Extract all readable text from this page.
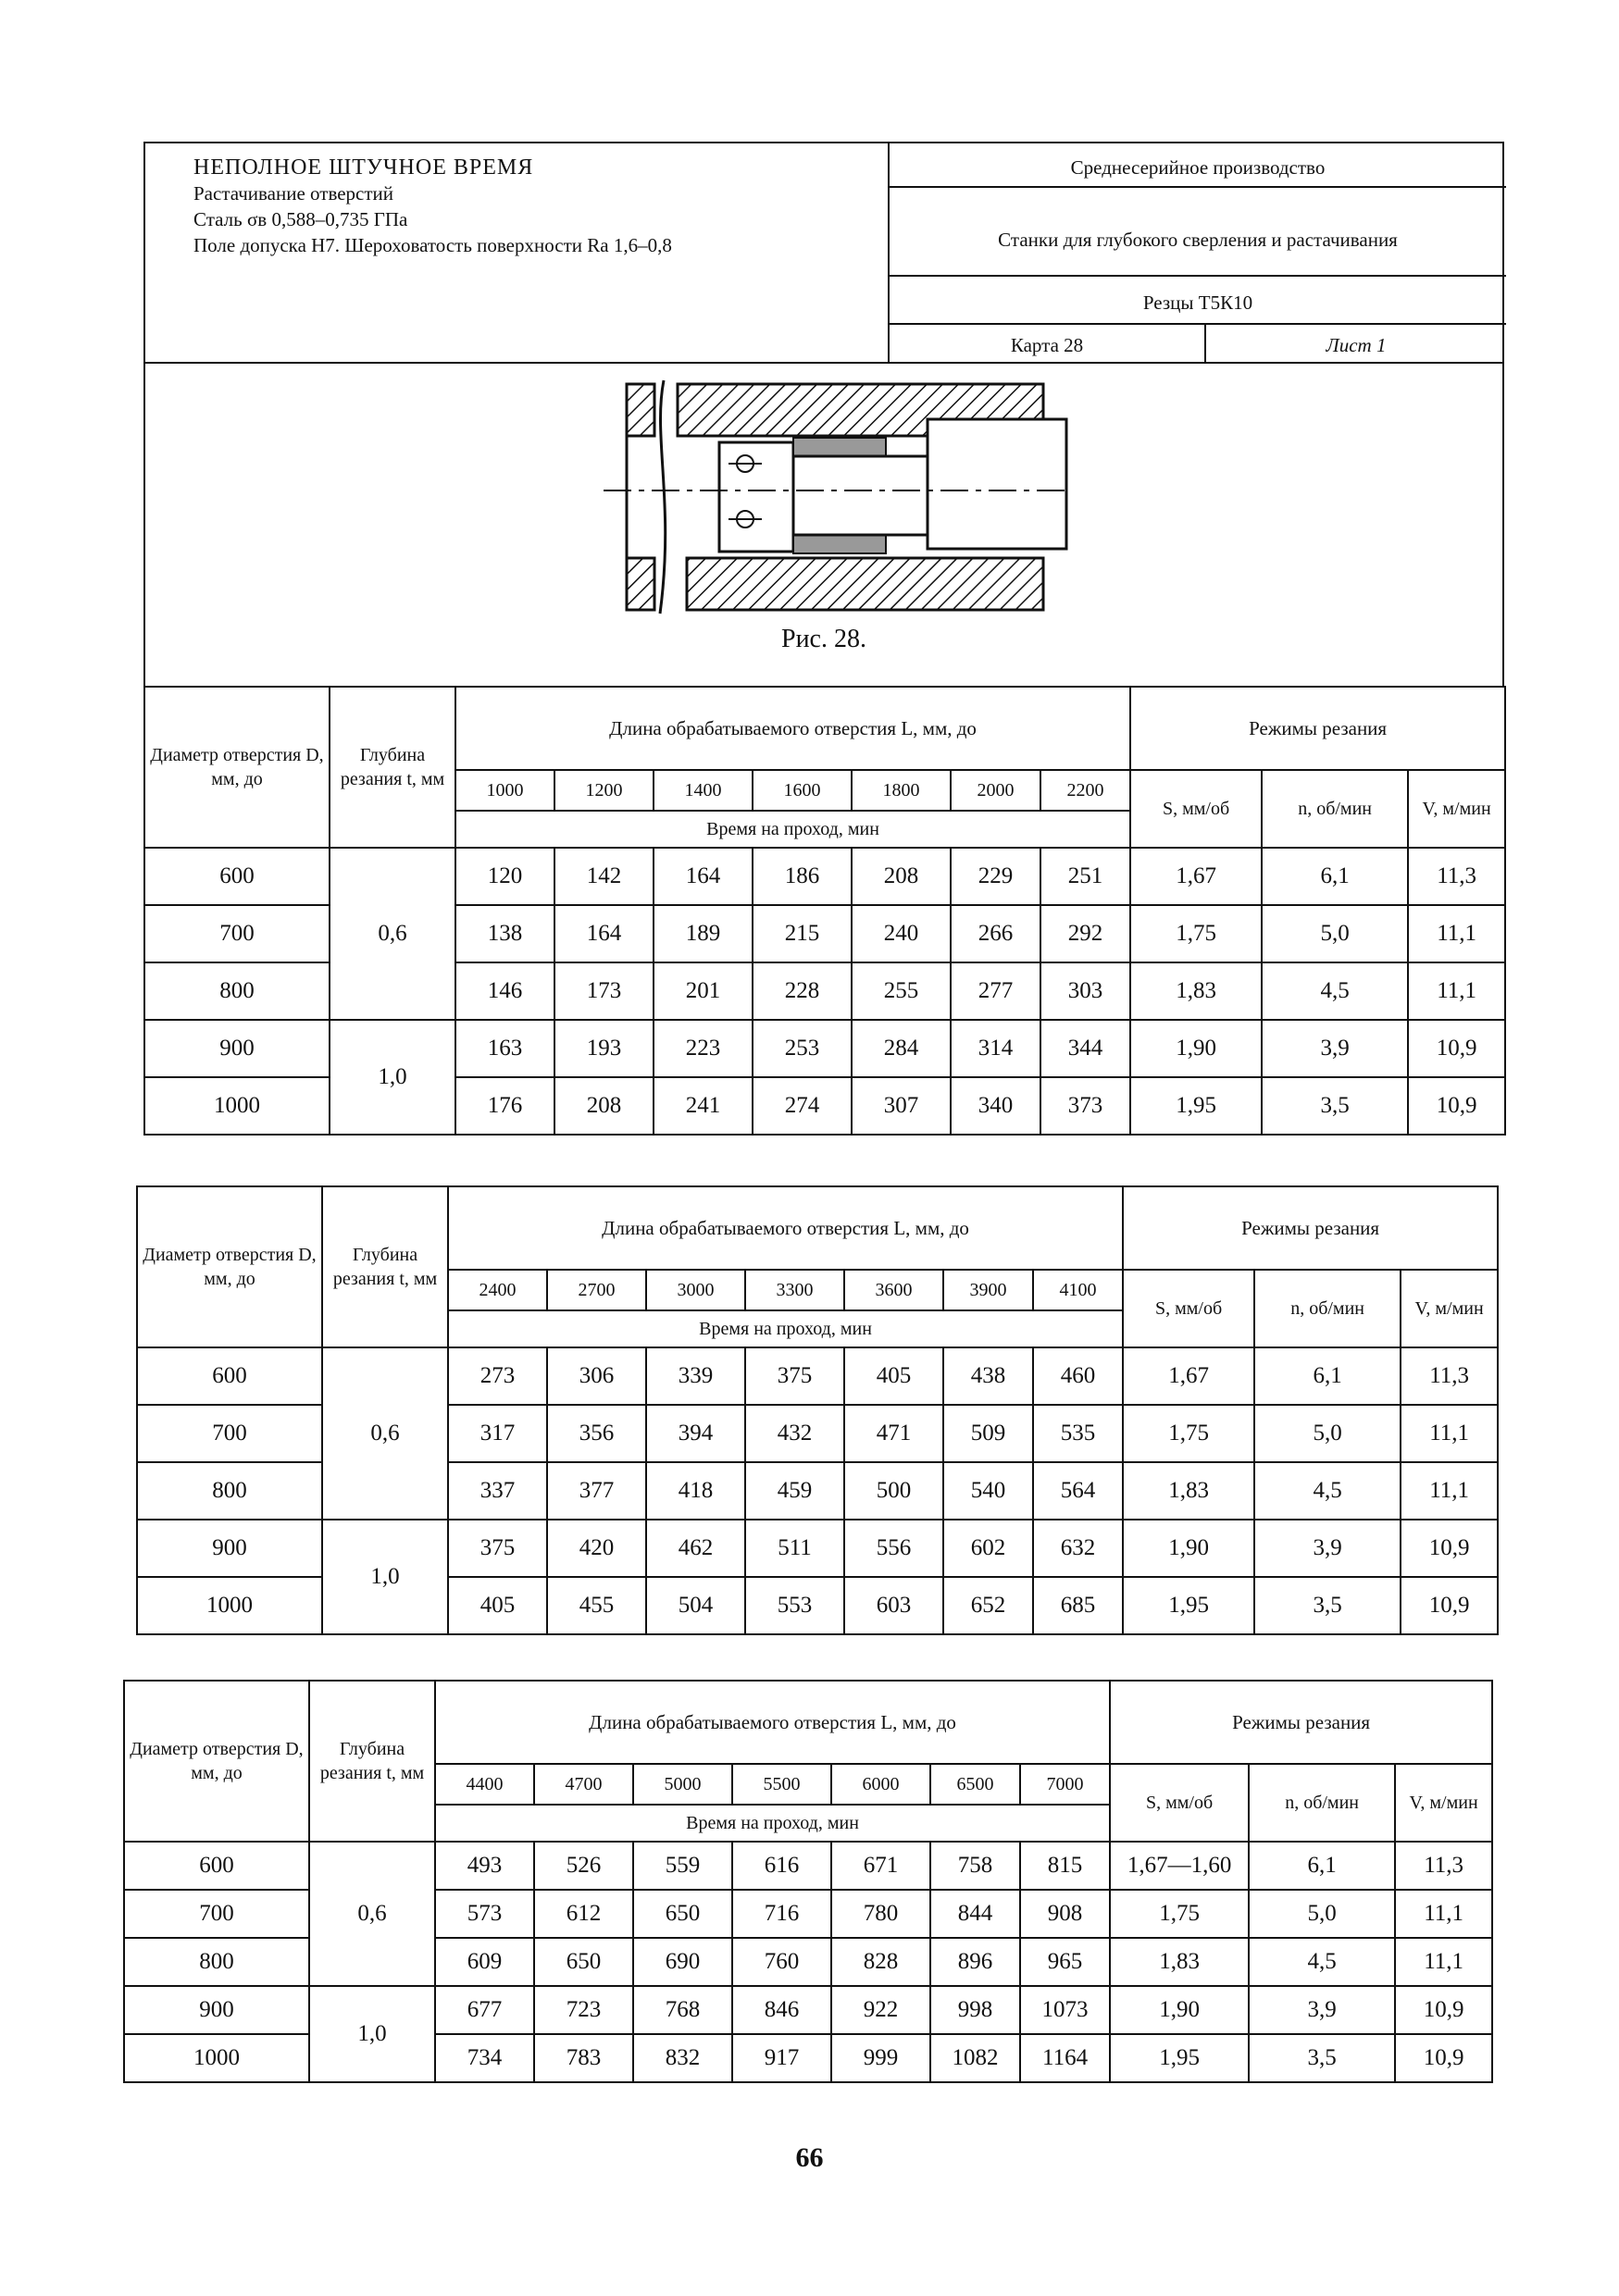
НЕПОЛНОЕ ШТУЧНОЕ ВРЕМЯ
Растачивание отверстий
Сталь σв 0,588–0,735 ГПа
Поле допуска Н7. Шероховатость поверхности Ra 1,6–0,8
Среднесерийное производство
Станки для глубокого сверления и растачивания
Резцы Т5К10
Карта 28	Лист 1
Рис. 28.
Диаметр отверстия D, мм, до	Глубина резания t, мм	Длина обрабатываемого отверстия L, мм, до							Режимы резания		
		1000	1200	1400	1600	1800	2000	2200	S, мм/об	n, об/мин	V, м/мин
		Время на проход, мин									
600	0,6	120	142	164	186	208	229	251	1,67	6,1	11,3
700		138	164	189	215	240	266	292	1,75	5,0	11,1
800		146	173	201	228	255	277	303	1,83	4,5	11,1
900	1,0	163	193	223	253	284	314	344	1,90	3,9	10,9
1000		176	208	241	274	307	340	373	1,95	3,5	10,9
Диаметр отверстия D, мм, до	Глубина резания t, мм	Длина обрабатываемого отверстия L, мм, до							Режимы резания		
		2400	2700	3000	3300	3600	3900	4100	S, мм/об	n, об/мин	V, м/мин
		Время на проход, мин									
600	0,6	273	306	339	375	405	438	460	1,67	6,1	11,3
700		317	356	394	432	471	509	535	1,75	5,0	11,1
800		337	377	418	459	500	540	564	1,83	4,5	11,1
900	1,0	375	420	462	511	556	602	632	1,90	3,9	10,9
1000		405	455	504	553	603	652	685	1,95	3,5	10,9
Диаметр отверстия D, мм, до	Глубина резания t, мм	Длина обрабатываемого отверстия L, мм, до							Режимы резания		
		4400	4700	5000	5500	6000	6500	7000	S, мм/об	n, об/мин	V, м/мин
		Время на проход, мин									
600	0,6	493	526	559	616	671	758	815	1,67—1,60	6,1	11,3
700		573	612	650	716	780	844	908	1,75	5,0	11,1
800		609	650	690	760	828	896	965	1,83	4,5	11,1
900	1,0	677	723	768	846	922	998	1073	1,90	3,9	10,9
1000		734	783	832	917	999	1082	1164	1,95	3,5	10,9
66
